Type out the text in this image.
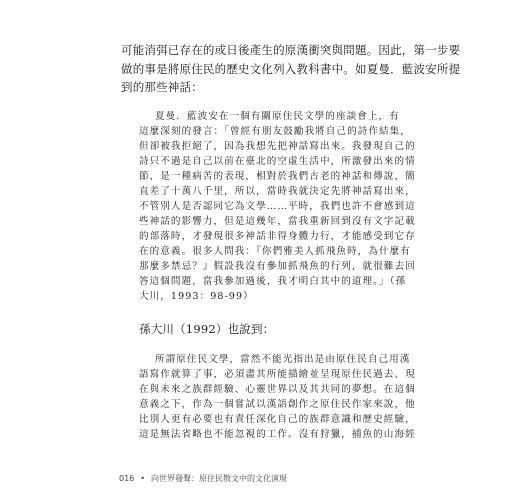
可能消弭已存在的或日後產生的原漢衝突與問題。因此，第一步要
做的事是將原住民的歷史文化列入教科書中。如夏曼．藍波安所提
到的那些神話：
夏曼．藍波安在一個有關原住民文學的座談會上，有
這麼深刻的發言：「曾經有朋友鼓勵我將自己的詩作結集，
但卻被我拒絕了，因為我想先把神話寫出來。我發現自己的
詩只不過是自己以前在臺北的空虛生活中，所激發出來的情
節，是一種病苦的表現，相對於我們古老的神話和傳說，簡
直差了十萬八千里，所以，當時我就決定先將神話寫出來，
不管別人是否認同它為文學……平時，我們也許不會感到這
些神話的影響力，但是這幾年，當我重新回到沒有文字記載
的部落時，才發現很多神話非得身體力行，才能感受到它存
在的意義。很多人問我：『你們雅美人抓飛魚時，為什麼有
那麼多禁忌？』假設我沒有參加抓飛魚的行列，就很難去回
答這個問題，當我參加過後，我才明白其中的道理。」（孫
大川，1993：98-99）
孫大川（1992）也說到：
所謂原住民文學，當然不能光指出是由原住民自己用漢
語寫作就算了事，必須盡其所能描繪並呈現原住民過去、現
在與未來之族群經驗、心靈世界以及其共同的夢想。在這個
意義之下，作為一個嘗試以漢語創作之原住民作家來說，他
比別人更有必要也有責任深化自己的族群意識和歷史經驗，
這是無法省略也不能忽視的工作。沒有狩獵，捕魚的山海經
016 • 向世界發聲：原住民散文中的文化演現
